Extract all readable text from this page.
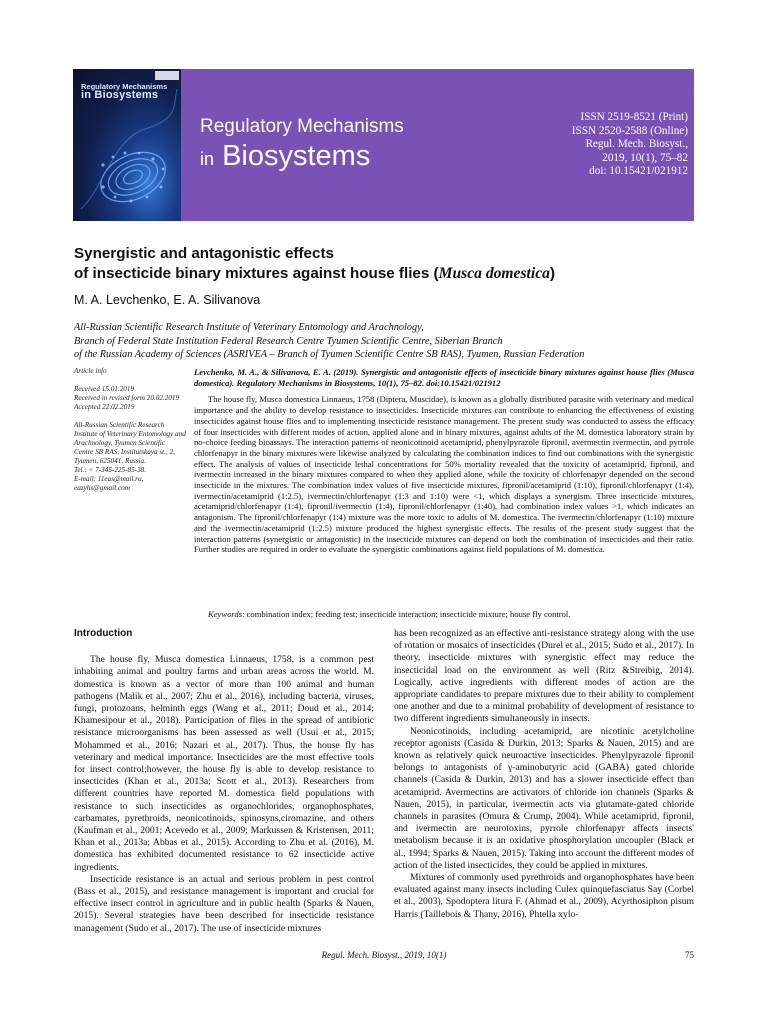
Regulatory Mechanisms
in Biosystems
Regulatory Mechanisms
in Biosystems
ISSN 2519-8521 (Print)
ISSN 2520-2588 (Online)
Regul. Mech. Biosyst.,
2019, 10(1), 75–82
doi: 10.15421/021912
Synergistic and antagonistic effects
of insecticide binary mixtures against house flies (Musca domestica)
M. A. Levchenko, E. A. Silivanova
All-Russian Scientific Research Institute of Veterinary Entomology and Arachnology,
Branch of Federal State Institution Federal Research Centre Tyumen Scientific Centre, Siberian Branch
of the Russian Academy of Sciences (ASRIVEA – Branch of Tyumen Scientific Centre SB RAS), Tyumen, Russian Federation
Article info
Received 15.01.2019
Received in revised form 20.02.2019
Accepted 22.02.2019
All-Russian Scientific Research Institute of Veterinary Entomology and Arachnology, Tyumen Scientific Centre SB RAS, Institutskaya st., 2, Tyumen, 625041, Russia.
Tel.: + 7-345-225-85-38.
E-mail: 11eas@mail.ru, eazyhs@gmail.com
Levchenko, M. A., & Silivanova, E. A. (2019). Synergistic and antagonistic effects of insecticide binary mixtures against house flies (Musca domestica). Regulatory Mechanisms in Biosystems, 10(1), 75–82. doi:10.15421/021912
The house fly, Musca domestica Linnaeus, 1758 (Diptera, Muscidae), is known as a globally distributed parasite with veterinary and medical importance and the ability to develop resistance to insecticides. Insecticide mixtures can contribute to enhancing the effectiveness of existing insecticides against house flies and to implementing insecticide resistance management. The present study was conducted to assess the efficacy of four insecticides with different modes of action, applied alone and in binary mixtures, against adults of the M. domestica laboratory strain by no-choice feeding bioassays. The interaction patterns of neonicotinoid acetamiprid, phenylpyrazole fipronil, avermectin ivermectin, and pyrrole chlorfenapyr in the binary mixtures were likewise analyzed by calculating the combination indices to find out combinations with the synergistic effect. The analysis of values of insecticide lethal concentrations for 50% mortality revealed that the toxicity of acetamiprid, fipronil, and ivermectin increased in the binary mixtures compared to when they applied alone, while the toxicity of chlorfenapyr depended on the second insecticide in the mixtures. The combination index values of five insecticide mixtures, fipronil/acetamiprid (1:10), fipronil/chlorfenapyr (1:4), ivermectin/acetamiprid (1:2.5), ivermectin/chlorfenapyr (1:3 and 1:10) were <1, which displays a synergism. Three insecticide mixtures, acetamiprid/chlorfenapyr (1:4), fipronil/ivermectin (1:4), fipronil/chlorfenapyr (1:40), had combination index values >1, which indicates an antagonism. The fipronil/chlorfenapyr (1:4) mixture was the more toxic to adults of M. domestica. The ivermectin/chlorfenapyr (1:10) mixture and the ivermectin/acetamiprid (1:2.5) mixture produced the highest synergistic effects. The results of the present study suggest that the interaction patterns (synergistic or antagonistic) in the insecticide mixtures can depend on both the combination of insecticides and their ratio. Further studies are required in order to evaluate the synergistic combinations against field populations of M. domestica.
Keywords: combination index; feeding test; insecticide interaction; insecticide mixture; house fly control.
Introduction

The house fly, Musca domestica Linnaeus, 1758, is a common pest inhabiting animal and poultry farms and urban areas across the world. M. domestica is known as a vector of more than 100 animal and human pathogens (Malik et al., 2007; Zhu et al., 2016), including bacteria, viruses, fungi, protozoans, helminth eggs (Wang et al., 2011; Doud et al., 2014; Khamesipour et al., 2018). Participation of flies in the spread of antibiotic resistance microorganisms has been assessed as well (Usui et al., 2015; Mohammed et al., 2016; Nazari et al., 2017). Thus, the house fly has veterinary and medical importance. Insecticides are the most effective tools for insect control;however, the house fly is able to develop resistance to insecticides (Khan et al., 2013a; Scott et al., 2013). Researchers from different countries have reported M. domestica field populations with resistance to such insecticides as organochlorides, organophosphates, carbamates, pyrethroids, neonicotinoids, spinosyns,ciromazine, and others (Kaufman et al., 2001; Acevedo et al., 2009; Markussen & Kristensen, 2011; Khan et al., 2013a; Abbas et al., 2015). According to Zhu et al. (2016), M. domestica has exhibited documented resistance to 62 insecticide active ingredients.

Insecticide resistance is an actual and serious problem in pest control (Bass et al., 2015), and resistance management is important and crucial for effective insect control in agriculture and in public health (Sparks & Nauen, 2015). Several strategies have been described for insecticide resistance management (Sudo et al., 2017). The use of insecticide mixtures

has been recognized as an effective anti-resistance strategy along with the use of rotation or mosaics of insecticides (Durel et al., 2015; Sudo et al., 2017). In theory, insecticide mixtures with synergistic effect may reduce the insecticidal load on the environment as well (Ritz &Streibig, 2014). Logically, active ingredients with different modes of action are the appropriate candidates to prepare mixtures due to their ability to complement one another and due to a minimal probability of development of resistance to two different ingredients simultaneously in insects.

Neonicotinoids, including acetamiprid, are nicotinic acetylcholine receptor agonists (Casida & Durkin, 2013; Sparks & Nauen, 2015) and are known as relatively quick neuroactive insecticides. Phenylpyrazole fipronil belongs to antagonists of γ-aminobutyric acid (GABA) gated chloride channels (Casida & Durkin, 2013) and has a slower insecticide effect than acetamiprid. Avermectins are activators of chloride ion channels (Sparks & Nauen, 2015), in particular, ivermectin acts via glutamate-gated chloride channels in parasites (Omura & Crump, 2004). While acetamiprid, fipronil, and ivermectin are neurotoxins, pyrrole chlorfenapyr affects insects' metabolism because it is an oxidative phosphorylation uncoupler (Black et al., 1994; Sparks & Nauen, 2015). Taking into account the different modes of action of the listed insecticides, they could be applied in mixtures.

Mixtures of commonly used pyrethroids and organophosphates have been evaluated against many insects including Culex quinquefasciatus Say (Corbel et al., 2003), Spodoptera litura F. (Ahmad et al., 2009), Acyrthosiphon pisum Harris (Taillebois & Thany, 2016), Phtella xylo-

Regul. Mech. Biosyst., 2019, 10(1)	75
